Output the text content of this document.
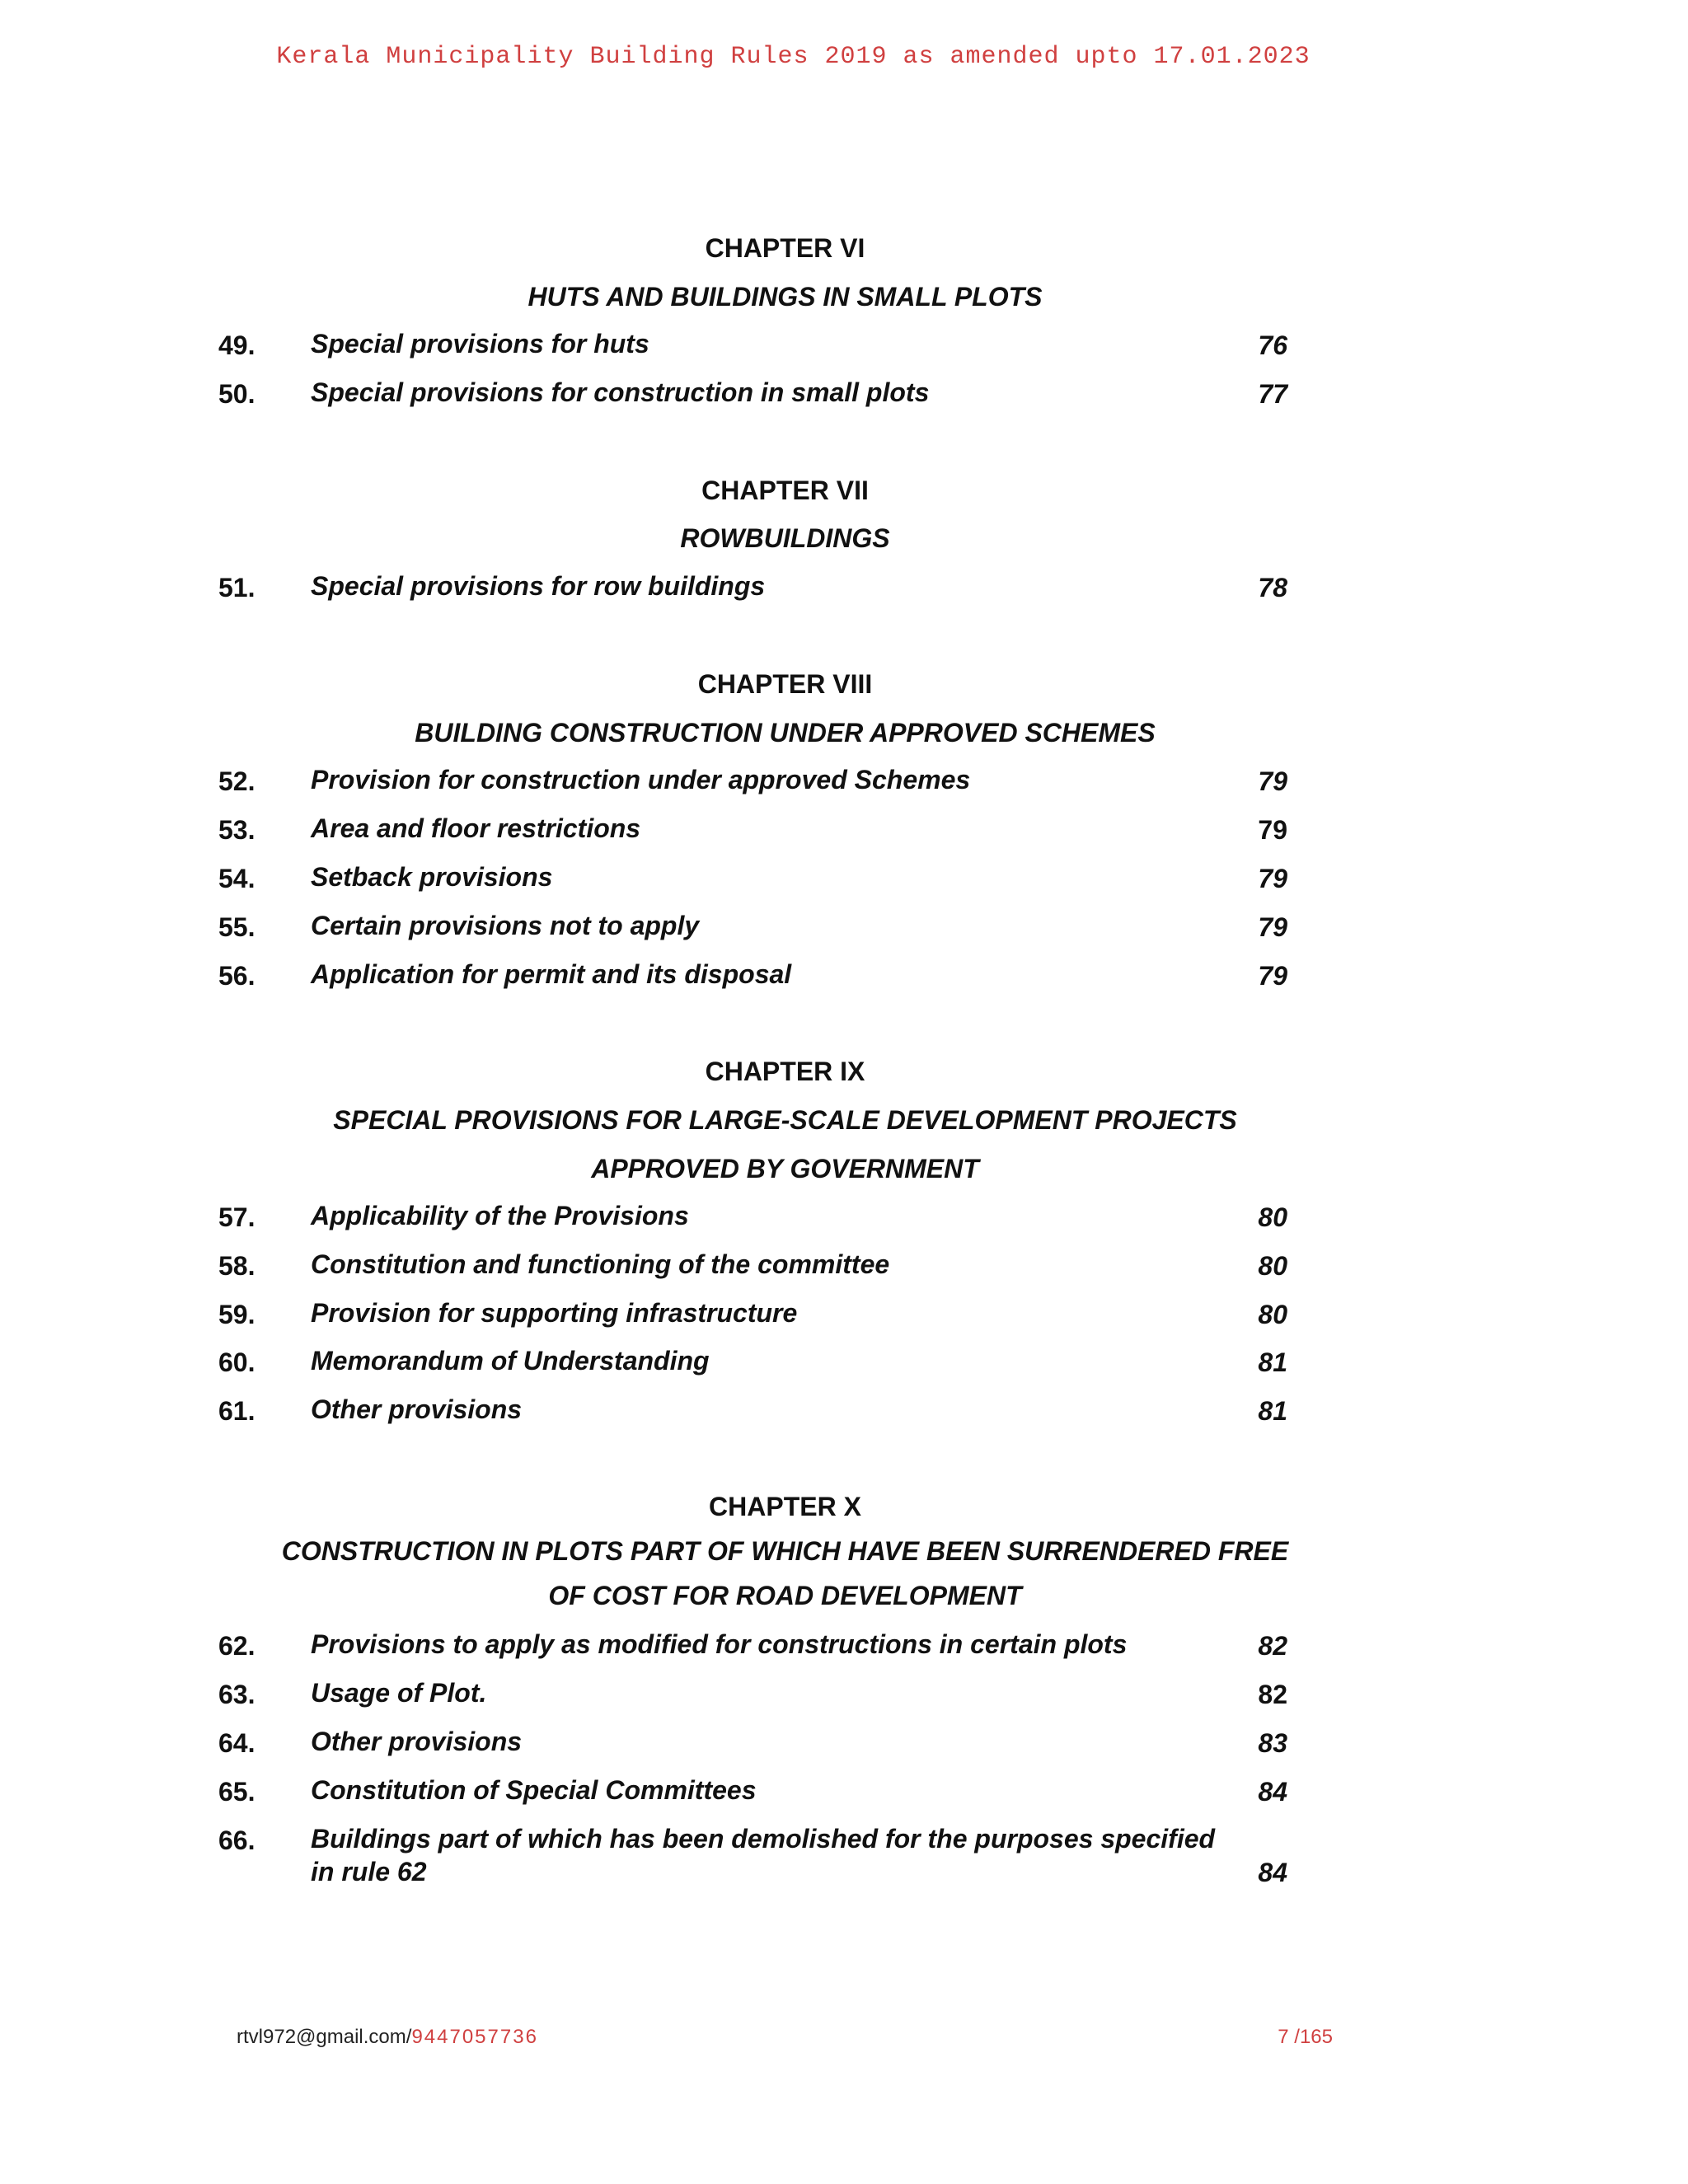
Kerala Municipality Building Rules 2019 as amended upto 17.01.2023
CHAPTER VI
HUTS AND BUILDINGS IN SMALL PLOTS
49. Special provisions for huts	76
50. Special provisions for construction in small plots	77
CHAPTER VII
ROWBUILDINGS
51. Special provisions for row buildings	78
CHAPTER VIII
BUILDING CONSTRUCTION UNDER APPROVED SCHEMES
52. Provision for construction under approved Schemes	79
53. Area and floor restrictions	79
54. Setback provisions	79
55. Certain provisions not to apply	79
56. Application for permit and its disposal	79
CHAPTER IX
SPECIAL PROVISIONS FOR LARGE-SCALE DEVELOPMENT PROJECTS
APPROVED BY GOVERNMENT
57. Applicability of the Provisions	80
58. Constitution and functioning of the committee	80
59. Provision for supporting infrastructure	80
60. Memorandum of Understanding	81
61. Other provisions	81
CHAPTER X
CONSTRUCTION IN PLOTS PART OF WHICH HAVE BEEN SURRENDERED FREE
OF COST FOR ROAD DEVELOPMENT
62. Provisions to apply as modified for constructions in certain plots	82
63. Usage of Plot.	82
64. Other provisions	83
65. Constitution of Special Committees	84
66. Buildings part of which has been demolished for the purposes specified in rule 62	84
rtvl972@gmail.com/9447057736	7 /165
